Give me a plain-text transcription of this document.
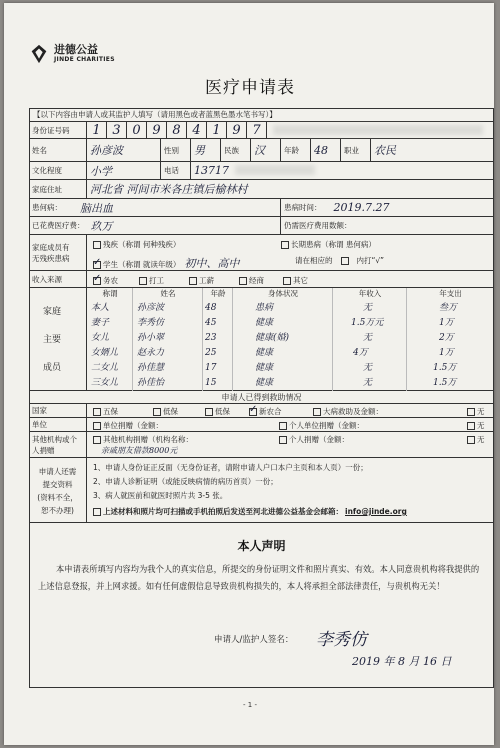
进德公益
JINDE CHARITIES
医疗申请表
【以下内容由申请人或其监护人填写（请用黑色或者蓝黑色墨水笔书写）】
身份证号码	1 3 0 9 8 4 1 9 7
姓名	孙彦波	性别	男	民族	汉	年龄	48	职业	农民
文化程度	小学	电话	13717
家庭住址	河北省 河间市米各庄镇后榆林村
患何病： 脑出血	患病时间： 2019.7.27
已花费医疗费： 玖万	仍需医疗费用数额：
家庭成员有
无残疾患病
残疾（称谓 何种残疾）	长期患病（称谓 患何病）
✓学生（称谓 就读年级） 初中、高中	请在相应的	内打“√”
收入来源 ✓	务农	打工	工薪	经商	其它
家庭
主要
成员
称谓	姓名	年龄	身体状况	年收入	年支出
本人	孙彦波	48	患病	无	叁万
妻子	李秀仿	45	健康	1.5万元	1万
女儿	孙小翠	23	健康(婚)	无	2万
女婿儿	赵永力	25	健康	4万	1万
二女儿	孙佳慧	17	健康	无	1.5万
三女儿	孙佳怡	15	健康	无	1.5万
申请人已得到救助情况
国家	五保	低保	低保 ✓	新农合	大病救助及金额：	无
单位	单位捐赠（金额：	个人单位捐赠（金额：	无
其他机构或个
人捐赠
其他机构捐赠（机构名称：	个人捐赠（金额：	无
亲戚朋友借款8000元
申请人还需
提交资料
(资料不全，
恕不办理)
1、申请人身份证正反面（无身份证者，请附申请人户口本户主页和本人页）一份；
2、申请人诊断证明（或能反映病情的病历首页）一份；
3、病人就医前和就医时照片共 3-5 张。
上述材料和照片均可扫描或手机拍照后发送至河北进德公益基金会邮箱： info@jinde.org
本人声明
本申请表所填写内容均为我个人的真实信息，所提交的身份证明文件和照片真实、有效。本人同意贵机构将我提供的上述信息登报，并上网求援。如有任何虚假信息导致贵机构损失的，本人将承担全部法律责任，与贵机构无关！
申请人/监护人签名： 李秀仿
2019 年 8 月 16 日
- 1 -
